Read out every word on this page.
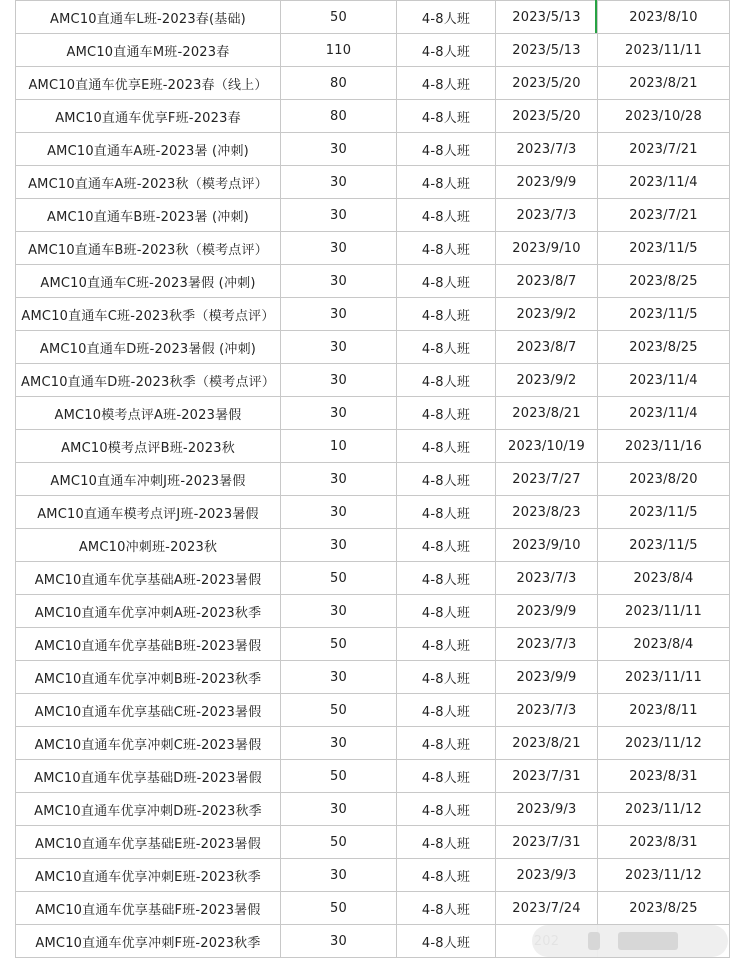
AMC10直通车L班-2023春(基础)	50	4-8人班	2023/5/13	2023/8/10
AMC10直通车M班-2023春	110	4-8人班	2023/5/13	2023/11/11
AMC10直通车优享E班-2023春（线上）	80	4-8人班	2023/5/20	2023/8/21
AMC10直通车优享F班-2023春	80	4-8人班	2023/5/20	2023/10/28
AMC10直通车A班-2023暑 (冲刺)	30	4-8人班	2023/7/3	2023/7/21
AMC10直通车A班-2023秋（模考点评）	30	4-8人班	2023/9/9	2023/11/4
AMC10直通车B班-2023暑 (冲刺)	30	4-8人班	2023/7/3	2023/7/21
AMC10直通车B班-2023秋（模考点评）	30	4-8人班	2023/9/10	2023/11/5
AMC10直通车C班-2023暑假 (冲刺)	30	4-8人班	2023/8/7	2023/8/25
AMC10直通车C班-2023秋季（模考点评）	30	4-8人班	2023/9/2	2023/11/5
AMC10直通车D班-2023暑假 (冲刺)	30	4-8人班	2023/8/7	2023/8/25
AMC10直通车D班-2023秋季（模考点评）	30	4-8人班	2023/9/2	2023/11/4
AMC10模考点评A班-2023暑假	30	4-8人班	2023/8/21	2023/11/4
AMC10模考点评B班-2023秋	10	4-8人班	2023/10/19	2023/11/16
AMC10直通车冲刺J班-2023暑假	30	4-8人班	2023/7/27	2023/8/20
AMC10直通车模考点评J班-2023暑假	30	4-8人班	2023/8/23	2023/11/5
AMC10冲刺班-2023秋	30	4-8人班	2023/9/10	2023/11/5
AMC10直通车优享基础A班-2023暑假	50	4-8人班	2023/7/3	2023/8/4
AMC10直通车优享冲刺A班-2023秋季	30	4-8人班	2023/9/9	2023/11/11
AMC10直通车优享基础B班-2023暑假	50	4-8人班	2023/7/3	2023/8/4
AMC10直通车优享冲刺B班-2023秋季	30	4-8人班	2023/9/9	2023/11/11
AMC10直通车优享基础C班-2023暑假	50	4-8人班	2023/7/3	2023/8/11
AMC10直通车优享冲刺C班-2023暑假	30	4-8人班	2023/8/21	2023/11/12
AMC10直通车优享基础D班-2023暑假	50	4-8人班	2023/7/31	2023/8/31
AMC10直通车优享冲刺D班-2023秋季	30	4-8人班	2023/9/3	2023/11/12
AMC10直通车优享基础E班-2023暑假	50	4-8人班	2023/7/31	2023/8/31
AMC10直通车优享冲刺E班-2023秋季	30	4-8人班	2023/9/3	2023/11/12
AMC10直通车优享基础F班-2023暑假	50	4-8人班	2023/7/24	2023/8/25
AMC10直通车优享冲刺F班-2023秋季	30	4-8人班		
